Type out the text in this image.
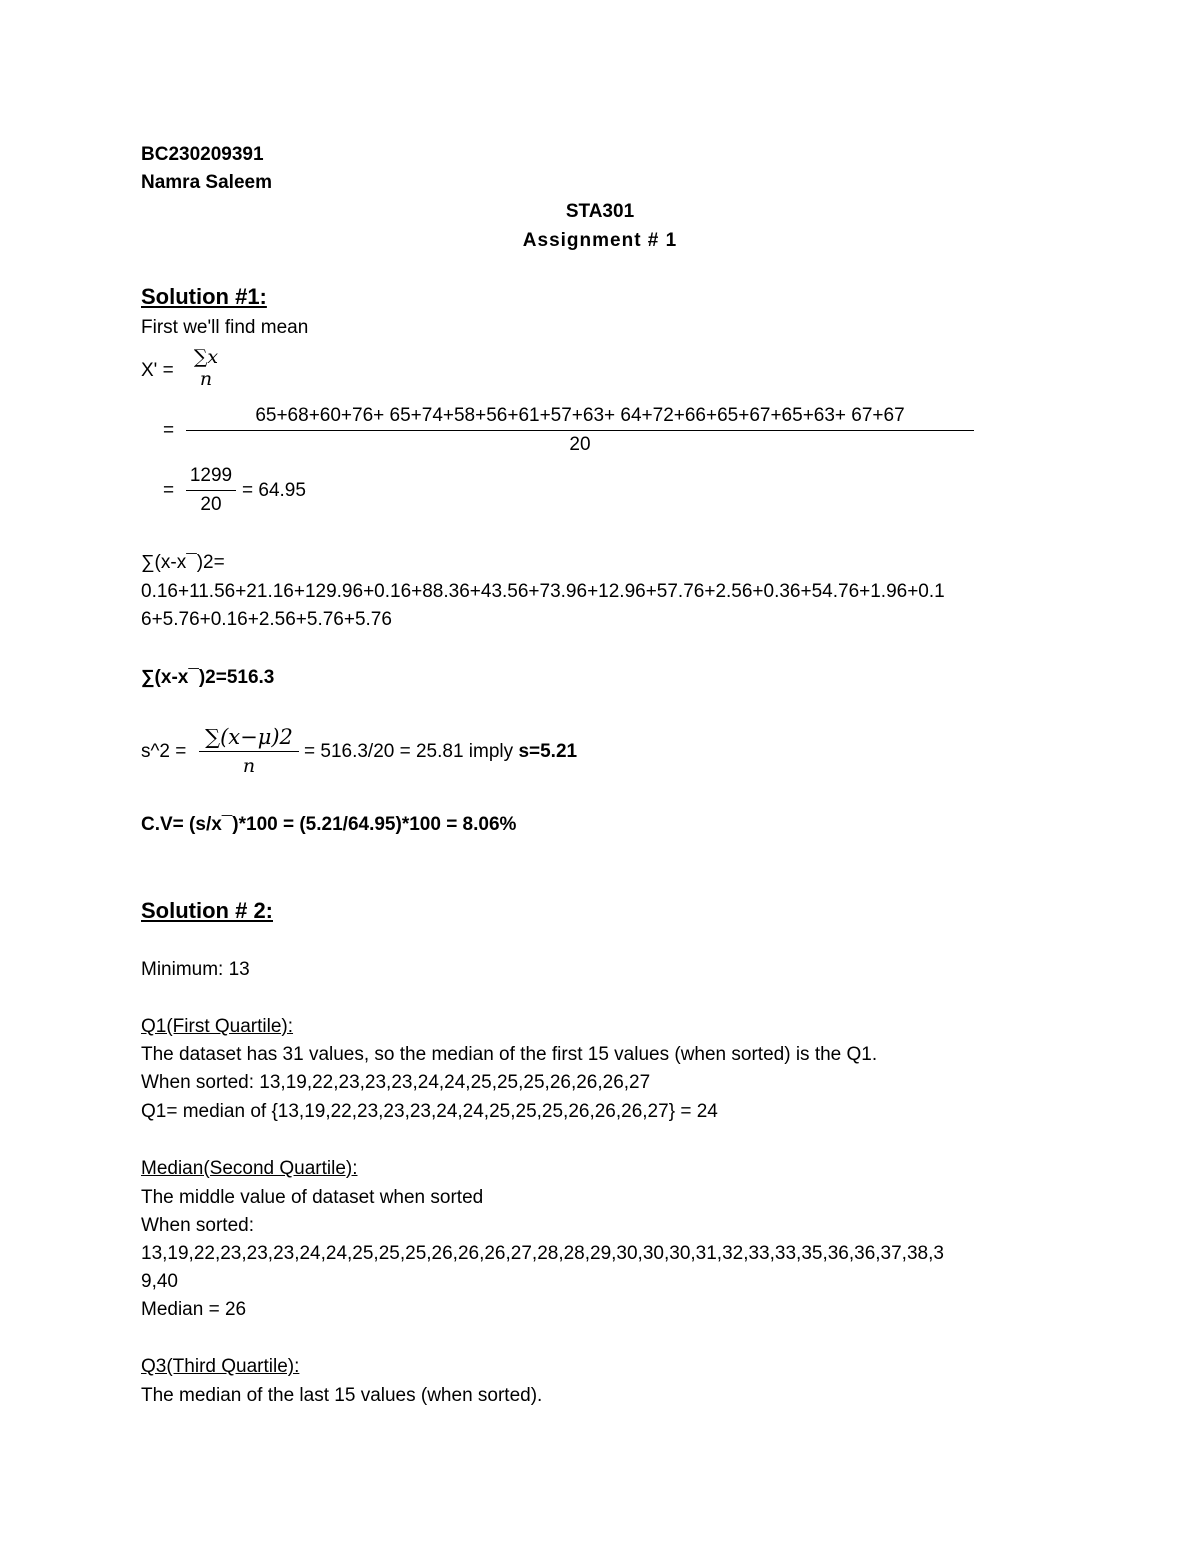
BC230209391
Namra Saleem
STA301
Assignment # 1
Solution #1:
First we'll find mean
X' =
∑x
n
=
65+68+60+76+ 65+74+58+56+61+57+63+ 64+72+66+65+67+65+63+ 67+67
20
=
1299
20
= 64.95
∑(x-x¯)2=
0.16+11.56+21.16+129.96+0.16+88.36+43.56+73.96+12.96+57.76+2.56+0.36+54.76+1.96+0.1
6+5.76+0.16+2.56+5.76+5.76
∑(x-x¯)2=516.3
s^2 =
∑(x−μ)2
n
= 516.3/20 = 25.81 imply s=5.21
C.V= (s/x¯)*100 = (5.21/64.95)*100 = 8.06%
Solution # 2:
Minimum: 13
Q1(First Quartile):
The dataset has 31 values, so the median of the first 15 values (when sorted) is the Q1.
When sorted: 13,19,22,23,23,23,24,24,25,25,25,26,26,26,27
Q1= median of {13,19,22,23,23,23,24,24,25,25,25,26,26,26,27} = 24
Median(Second Quartile):
The middle value of dataset when sorted
When sorted:
13,19,22,23,23,23,24,24,25,25,25,26,26,26,27,28,28,29,30,30,30,31,32,33,33,35,36,36,37,38,3
9,40
Median = 26
Q3(Third Quartile):
The median of the last 15 values (when sorted).
